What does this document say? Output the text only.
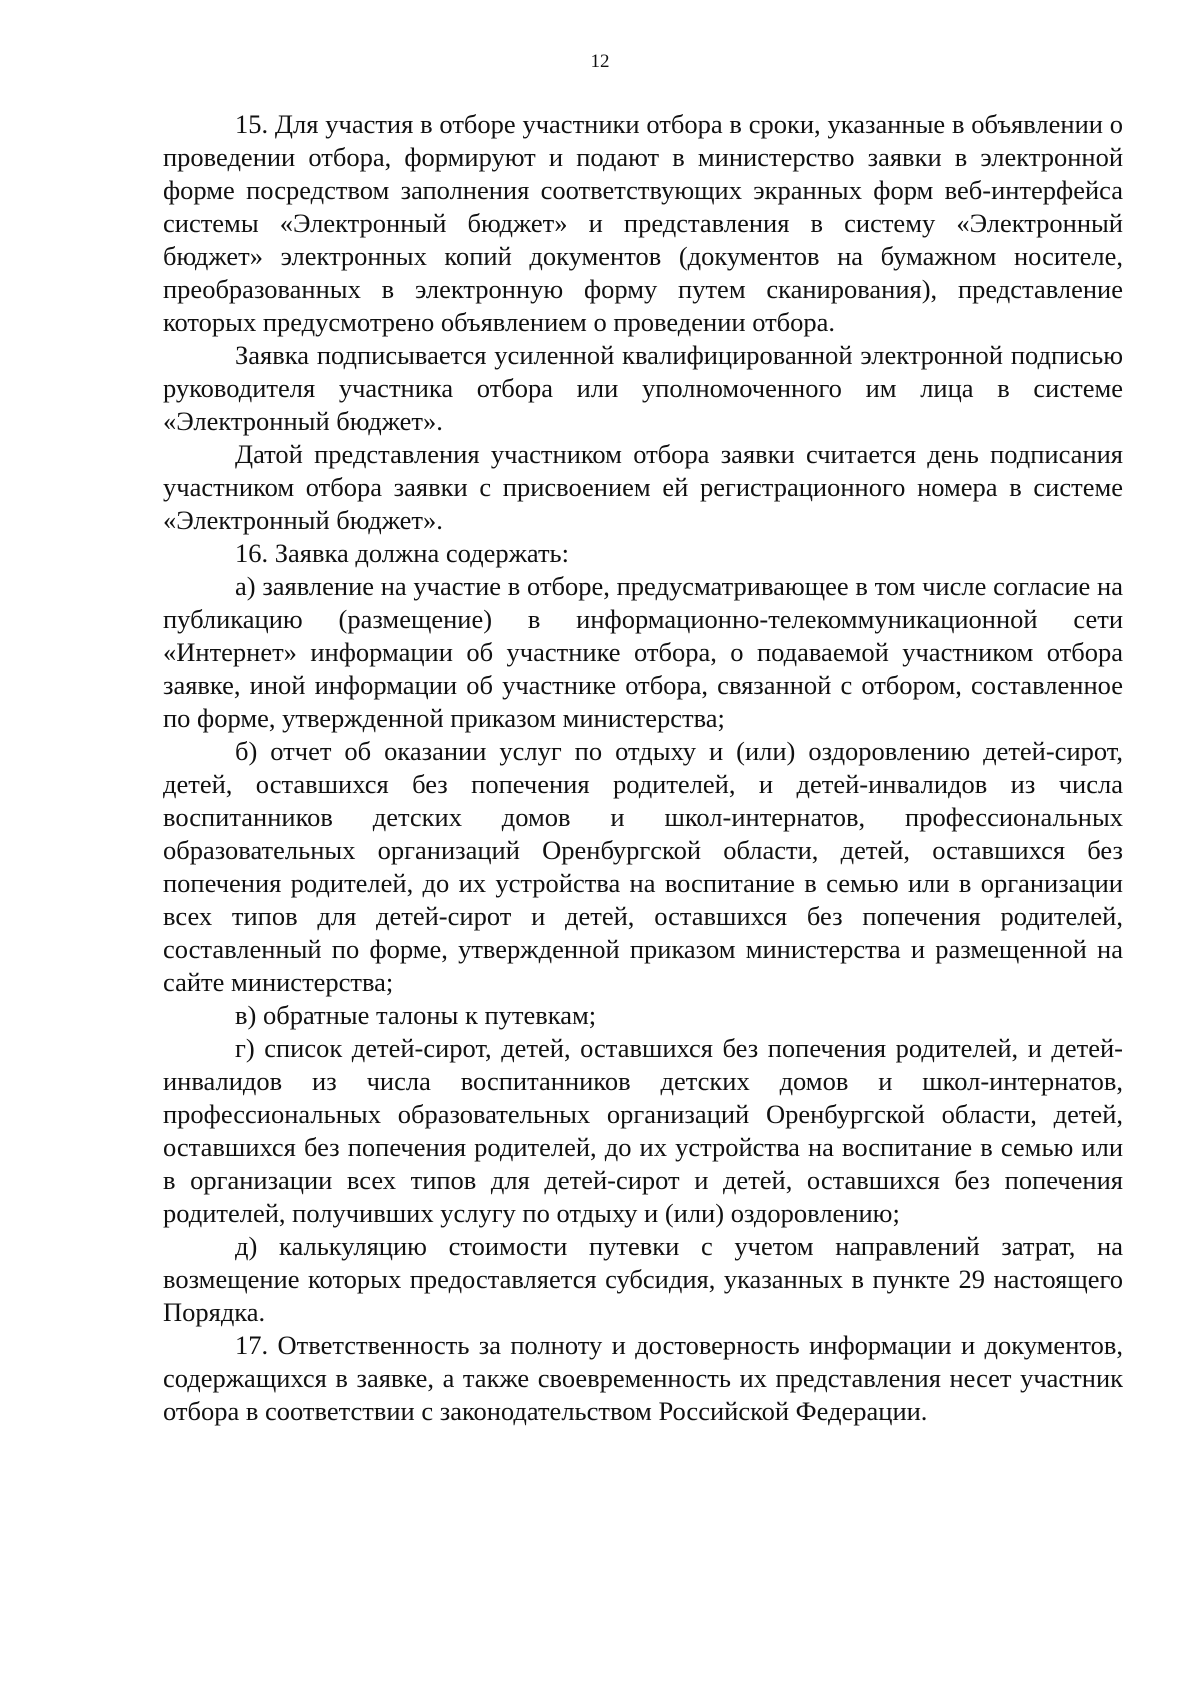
12

15. Для участия в отборе участники отбора в сроки, указанные в объявлении о проведении отбора, формируют и подают в министерство заявки в электронной форме посредством заполнения соответствующих экранных форм веб-интерфейса системы «Электронный бюджет» и представления в систему «Электронный бюджет» электронных копий документов (документов на бумажном носителе, преобразованных в электронную форму путем сканирования), представление которых предусмотрено объявлением о проведении отбора.

Заявка подписывается усиленной квалифицированной электронной подписью руководителя участника отбора или уполномоченного им лица в системе «Электронный бюджет».

Датой представления участником отбора заявки считается день подписания участником отбора заявки с присвоением ей регистрационного номера в системе «Электронный бюджет».

16. Заявка должна содержать:

а) заявление на участие в отборе, предусматривающее в том числе согласие на публикацию (размещение) в информационно-телекоммуникационной сети «Интернет» информации об участнике отбора, о подаваемой участником отбора заявке, иной информации об участнике отбора, связанной с отбором, составленное по форме, утвержденной приказом министерства;

б) отчет об оказании услуг по отдыху и (или) оздоровлению детей-сирот, детей, оставшихся без попечения родителей, и детей-инвалидов из числа воспитанников детских домов и школ-интернатов, профессиональных образовательных организаций Оренбургской области, детей, оставшихся без попечения родителей, до их устройства на воспитание в семью или в организации всех типов для детей-сирот и детей, оставшихся без попечения родителей, составленный по форме, утвержденной приказом министерства и размещенной на сайте министерства;

в) обратные талоны к путевкам;

г) список детей-сирот, детей, оставшихся без попечения родителей, и детей-инвалидов из числа воспитанников детских домов и школ-интернатов, профессиональных образовательных организаций Оренбургской области, детей, оставшихся без попечения родителей, до их устройства на воспитание в семью или в организации всех типов для детей-сирот и детей, оставшихся без попечения родителей, получивших услугу по отдыху и (или) оздоровлению;

д) калькуляцию стоимости путевки с учетом направлений затрат, на возмещение которых предоставляется субсидия, указанных в пункте 29 настоящего Порядка.

17. Ответственность за полноту и достоверность информации и документов, содержащихся в заявке, а также своевременность их представления несет участник отбора в соответствии с законодательством Российской Федерации.
